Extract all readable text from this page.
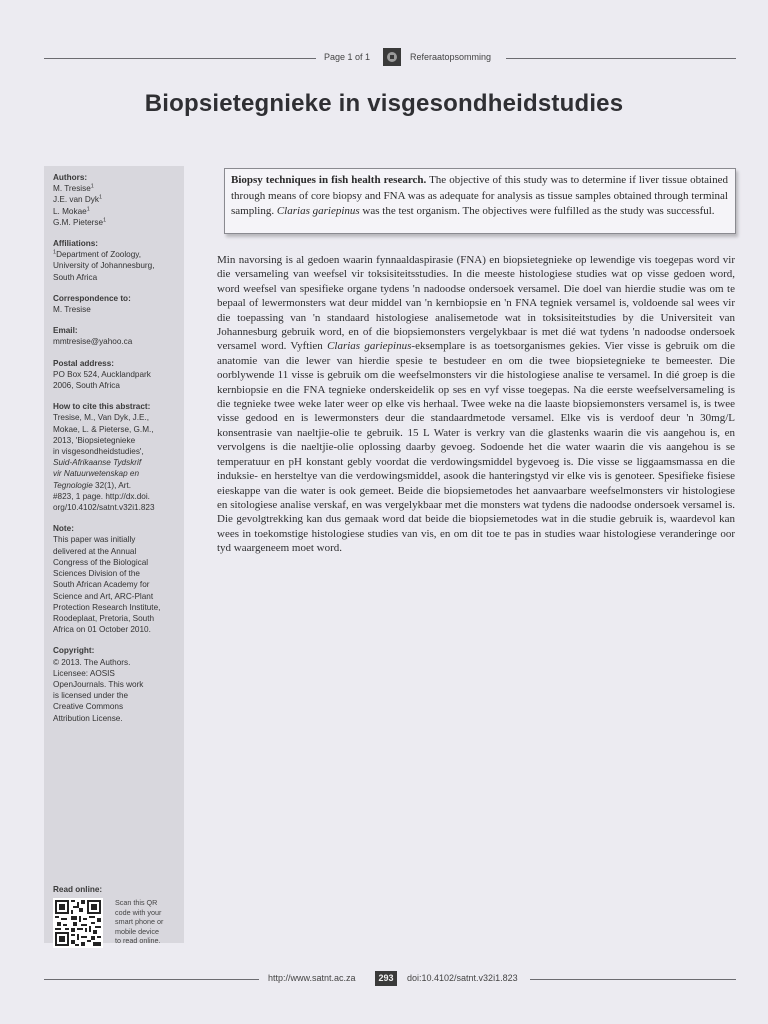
Page 1 of 1	Referaatopsomming
Biopsietegnieke in visgesondheidstudies
Authors:
M. Tresise$^1$
J.E. van Dyk$^1$
L. Mokae$^1$
G.M. Pieterse$^1$
Affiliations:
$^1$Department of Zoology,
University of Johannesburg,
South Africa
Correspondence to:
M. Tresise
Email:
mmtresise@yahoo.ca
Postal address:
PO Box 524, Aucklandpark
2006, South Africa
How to cite this abstract:
Tresise, M., Van Dyk, J.E.,
Mokae, L. & Pieterse, G.M.,
2013, 'Biopsietegnieke
in visgesondheidstudies',
Suid-Afrikaanse Tydskrif
vir Natuurwetenskap en
Tegnologie 32(1), Art.
#823, 1 page. http://dx.doi.
org/10.4102/satnt.v32i1.823
Note:
This paper was initially
delivered at the Annual
Congress of the Biological
Sciences Division of the
South African Academy for
Science and Art, ARC-Plant
Protection Research Institute,
Roodeplaat, Pretoria, South
Africa on 01 October 2010.
Copyright:
© 2013. The Authors.
Licensee: AOSIS
OpenJournals. This work
is licensed under the
Creative Commons
Attribution License.
Read online:
Scan this QR
code with your
smart phone or
mobile device
to read online.
Biopsy techniques in fish health research. The objective of this study was to determine if liver tissue obtained through means of core biopsy and FNA was as adequate for analysis as tissue samples obtained through terminal sampling. Clarias gariepinus was the test organism. The objectives were fulfilled as the study was successful.
Min navorsing is al gedoen waarin fynnaaldaspirasie (FNA) en biopsietegnieke op lewendige vis toegepas word vir die versameling van weefsel vir toksisiteitsstudies. In die meeste histologiese studies wat op visse gedoen word, word weefsel van spesifieke organe tydens 'n nadoodse ondersoek versamel. Die doel van hierdie studie was om te bepaal of lewermonsters wat deur middel van 'n kernbiopsie en 'n FNA tegniek versamel is, voldoende sal wees vir die toepassing van 'n standaard histologiese analisemetode wat in toksisiteitstudies by die Universiteit van Johannesburg gebruik word, en of die biopsiemonsters vergelykbaar is met dié wat tydens 'n nadoodse ondersoek versamel word. Vyftien Clarias gariepinus-eksemplare is as toetsorganismes gekies. Vier visse is gebruik om die anatomie van die lewer van hierdie spesie te bestudeer en om die twee biopsietegnieke te bemeester. Die oorblywende 11 visse is gebruik om die weefselmonsters vir die histologiese analise te versamel. In dié groep is die kernbiopsie en die FNA tegnieke onderskeidelik op ses en vyf visse toegepas. Na die eerste weefselversameling is die tegnieke twee weke later weer op elke vis herhaal. Twee weke na die laaste biopsiemonsters versamel is, is twee visse gedood en is lewermonsters deur die standaardmetode versamel. Elke vis is verdoof deur 'n 30mg/L konsentrasie van naeltjie-olie te gebruik. 15 L Water is verkry van die glastenks waarin die vis aangehou is, en vervolgens is die naeltjie-olie oplossing daarby gevoeg. Sodoende het die water waarin die vis aangehou is se temperatuur en pH konstant gebly voordat die verdowingsmiddel bygevoeg is. Die visse se liggaamsmassa en die induksie- en hersteltye van die verdowingsmiddel, asook die hanteringstyd vir elke vis is genoteer. Spesifieke fisiese eieskappe van die water is ook gemeet. Beide die biopsiemetodes het aanvaarbare weefselmonsters vir histologiese en sitologiese analise verskaf, en was vergelykbaar met die monsters wat tydens die nadoodse ondersoek versamel is. Die gevolgtrekking kan dus gemaak word dat beide die biopsiemetodes wat in die studie gebruik is, waardevol kan wees in toekomstige histologiese studies van vis, en om dit toe te pas in studies waar histologiese veranderinge oor tyd waargeneem moet word.
http://www.satnt.ac.za	293	doi:10.4102/satnt.v32i1.823
